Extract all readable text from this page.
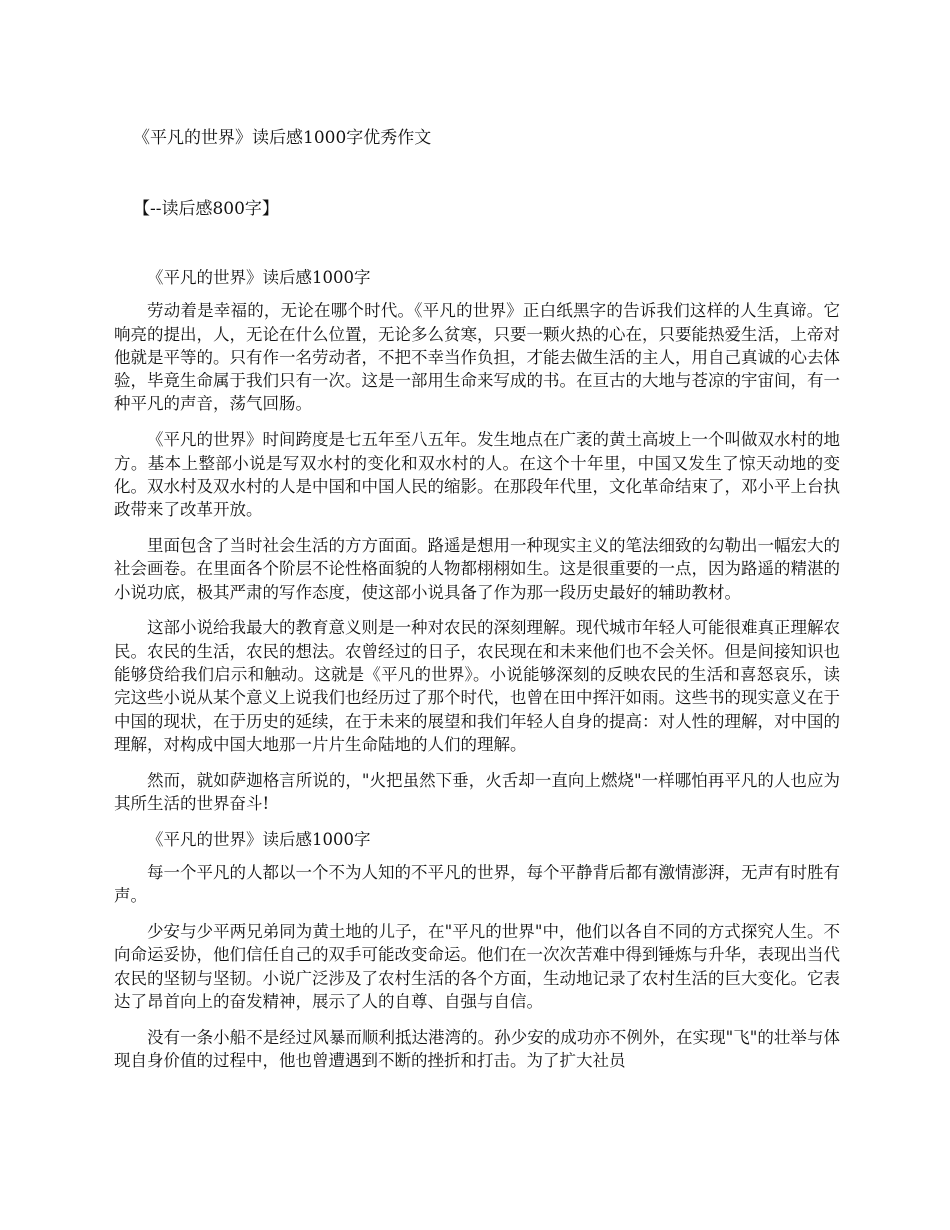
《平凡的世界》读后感1000字优秀作文
【--读后感800字】

《平凡的世界》读后感1000字

劳动着是幸福的，无论在哪个时代。《平凡的世界》正白纸黑字的告诉我们这样的人生真谛。它响亮的提出，人，无论在什么位置，无论多么贫寒，只要一颗火热的心在，只要能热爱生活，上帝对他就是平等的。只有作一名劳动者，不把不幸当作负担，才能去做生活的主人，用自己真诚的心去体验，毕竟生命属于我们只有一次。这是一部用生命来写成的书。在亘古的大地与苍凉的宇宙间，有一种平凡的声音，荡气回肠。

《平凡的世界》时间跨度是七五年至八五年。发生地点在广袤的黄土高坡上一个叫做双水村的地方。基本上整部小说是写双水村的变化和双水村的人。在这个十年里，中国又发生了惊天动地的变化。双水村及双水村的人是中国和中国人民的缩影。在那段年代里，文化革命结束了，邓小平上台执政带来了改革开放。

里面包含了当时社会生活的方方面面。路遥是想用一种现实主义的笔法细致的勾勒出一幅宏大的社会画卷。在里面各个阶层不论性格面貌的人物都栩栩如生。这是很重要的一点，因为路遥的精湛的小说功底，极其严肃的写作态度，使这部小说具备了作为那一段历史最好的辅助教材。

这部小说给我最大的教育意义则是一种对农民的深刻理解。现代城市年轻人可能很难真正理解农民。农民的生活，农民的想法。农曾经过的日子，农民现在和未来他们也不会关怀。但是间接知识也能够贷给我们启示和触动。这就是《平凡的世界》。小说能够深刻的反映农民的生活和喜怒哀乐，读完这些小说从某个意义上说我们也经历过了那个时代，也曾在田中挥汗如雨。这些书的现实意义在于中国的现状，在于历史的延续，在于未来的展望和我们年轻人自身的提高：对人性的理解，对中国的理解，对构成中国大地那一片片生命陆地的人们的理解。

然而，就如萨迦格言所说的，"火把虽然下垂，火舌却一直向上燃烧"一样哪怕再平凡的人也应为其所生活的世界奋斗!

《平凡的世界》读后感1000字

每一个平凡的人都以一个不为人知的不平凡的世界，每个平静背后都有激情澎湃，无声有时胜有声。

少安与少平两兄弟同为黄土地的儿子，在"平凡的世界"中，他们以各自不同的方式探究人生。不向命运妥协，他们信任自己的双手可能改变命运。他们在一次次苦难中得到锤炼与升华，表现出当代农民的坚韧与坚韧。小说广泛涉及了农村生活的各个方面，生动地记录了农村生活的巨大变化。它表达了昂首向上的奋发精神，展示了人的自尊、自强与自信。

没有一条小船不是经过风暴而顺利抵达港湾的。孙少安的成功亦不例外，在实现"飞"的壮举与体现自身价值的过程中，他也曾遭遇到不断的挫折和打击。为了扩大社员
